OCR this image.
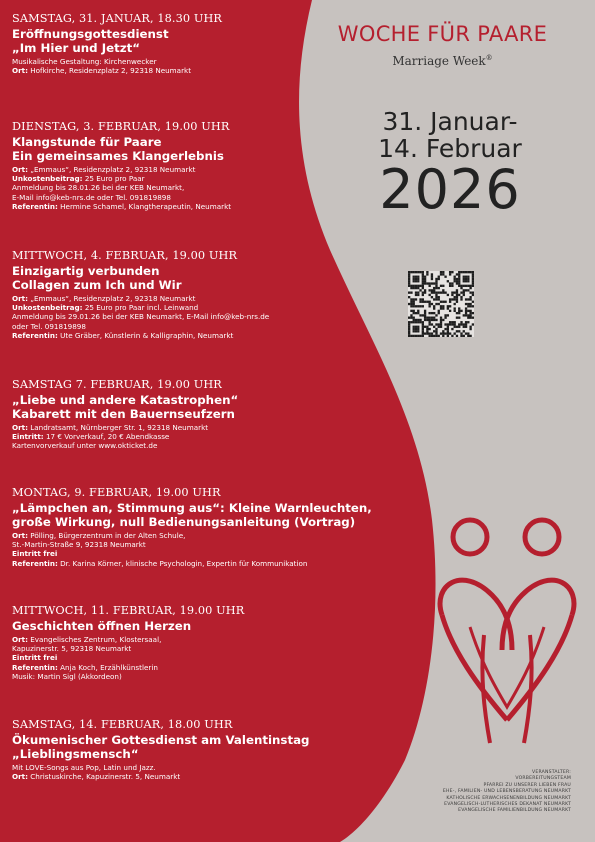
SAMSTAG, 31. JANUAR, 18.30 UHR
Eröffnungsgottesdienst
„Im Hier und Jetzt“
Musikalische Gestaltung: Kirchenwecker
Ort: Hofkirche, Residenzplatz 2, 92318 Neumarkt
DIENSTAG, 3. FEBRUAR, 19.00 UHR
Klangstunde für Paare
Ein gemeinsames Klangerlebnis
Ort: „Emmaus“, Residenzplatz 2, 92318 Neumarkt
Unkostenbeitrag: 25 Euro pro Paar
Anmeldung bis 28.01.26 bei der KEB Neumarkt,
E-Mail info@keb-nrs.de oder Tel. 091819898
Referentin: Hermine Schamel, Klangtherapeutin, Neumarkt
MITTWOCH, 4. FEBRUAR, 19.00 UHR
Einzigartig verbunden
Collagen zum Ich und Wir
Ort: „Emmaus“, Residenzplatz 2, 92318 Neumarkt
Unkostenbeitrag: 25 Euro pro Paar incl. Leinwand
Anmeldung bis 29.01.26 bei der KEB Neumarkt, E-Mail info@keb-nrs.de
oder Tel. 091819898
Referentin: Ute Gräber, Künstlerin & Kalligraphin, Neumarkt
SAMSTAG 7. FEBRUAR, 19.00 UHR
„Liebe und andere Katastrophen“
Kabarett mit den Bauernseufzern
Ort: Landratsamt, Nürnberger Str. 1, 92318 Neumarkt
Eintritt: 17 € Vorverkauf, 20 € Abendkasse
Kartenvorverkauf unter www.okticket.de
MONTAG, 9. FEBRUAR, 19.00 UHR
„Lämpchen an, Stimmung aus“: Kleine Warnleuchten,
große Wirkung, null Bedienungsanleitung (Vortrag)
Ort: Pölling, Bürgerzentrum in der Alten Schule,
St.-Martin-Straße 9, 92318 Neumarkt
Eintritt frei
Referentin: Dr. Karina Körner, klinische Psychologin, Expertin für Kommunikation
MITTWOCH, 11. FEBRUAR, 19.00 UHR
Geschichten öffnen Herzen
Ort: Evangelisches Zentrum, Klostersaal,
Kapuzinerstr. 5, 92318 Neumarkt
Eintritt frei
Referentin: Anja Koch, Erzählkünstlerin
Musik: Martin Sigl (Akkordeon)
SAMSTAG, 14. FEBRUAR, 18.00 UHR
Ökumenischer Gottesdienst am Valentinstag
„Lieblingsmensch“
Mit LOVE-Songs aus Pop, Latin und Jazz.
Ort: Christuskirche, Kapuzinerstr. 5, Neumarkt
WOCHE FÜR PAARE
Marriage Week®
31. Januar-
14. Februar
2026
VERANSTALTER:
VORBEREITUNGSTEAM
PFARREI ZU UNSERER LIEBEN FRAU
EHE-, FAMILIEN- UND LEBENSBERATUNG NEUMARKT
KATHOLISCHE ERWACHSENENBILDUNG NEUMARKT
EVANGELISCH-LUTHERISCHES DEKANAT NEUMARKT
EVANGELISCHE FAMILIENBILDUNG NEUMARKT
